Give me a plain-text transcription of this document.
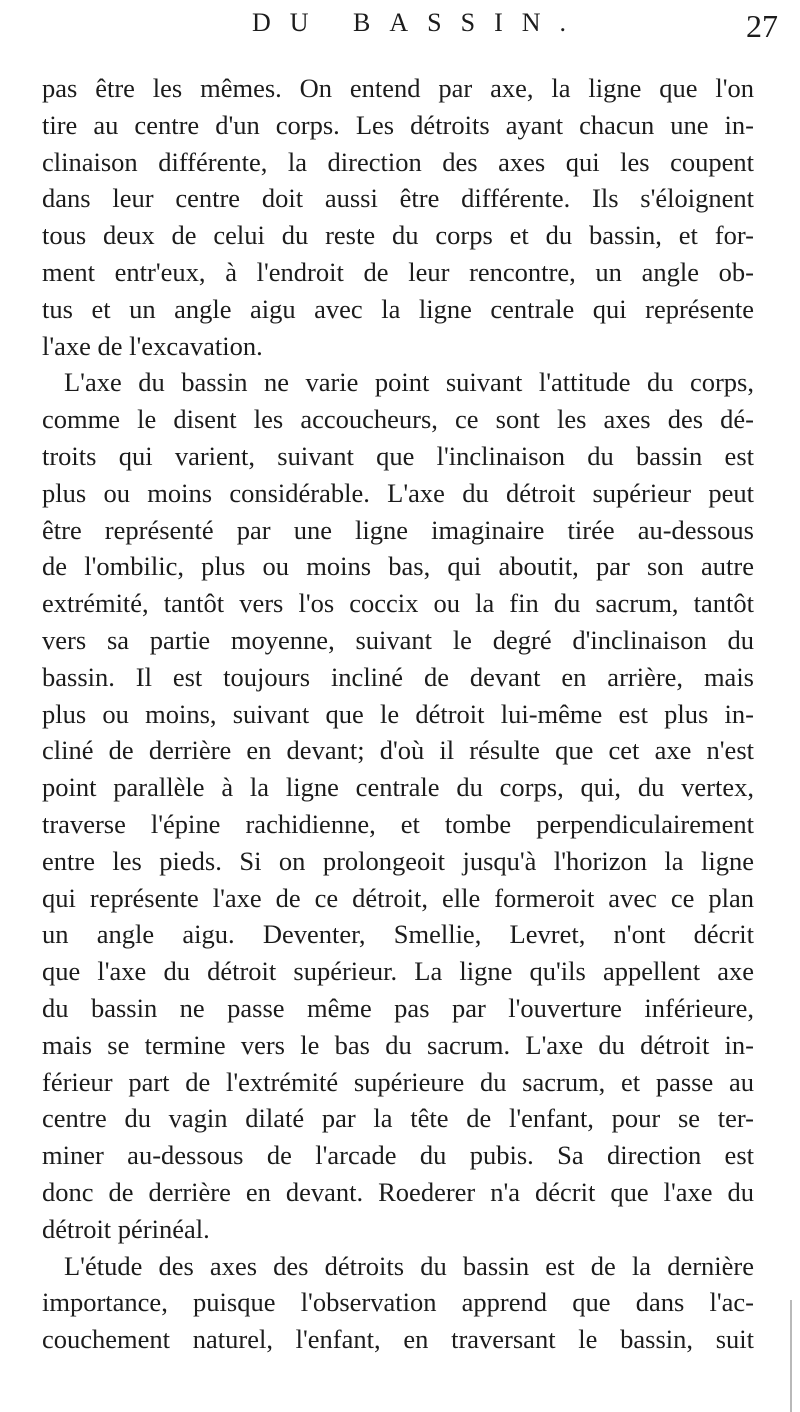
DU BASSIN.	27
pas être les mêmes. On entend par axe, la ligne que l'on
tire au centre d'un corps. Les détroits ayant chacun une in-
clinaison différente, la direction des axes qui les coupent
dans leur centre doit aussi être différente. Ils s'éloignent
tous deux de celui du reste du corps et du bassin, et for-
ment entr'eux, à l'endroit de leur rencontre, un angle ob-
tus et un angle aigu avec la ligne centrale qui représente
l'axe de l'excavation.
L'axe du bassin ne varie point suivant l'attitude du corps,
comme le disent les accoucheurs, ce sont les axes des dé-
troits qui varient, suivant que l'inclinaison du bassin est
plus ou moins considérable. L'axe du détroit supérieur peut
être représenté par une ligne imaginaire tirée au-dessous
de l'ombilic, plus ou moins bas, qui aboutit, par son autre
extrémité, tantôt vers l'os coccix ou la fin du sacrum, tantôt
vers sa partie moyenne, suivant le degré d'inclinaison du
bassin. Il est toujours incliné de devant en arrière, mais
plus ou moins, suivant que le détroit lui-même est plus in-
cliné de derrière en devant; d'où il résulte que cet axe n'est
point parallèle à la ligne centrale du corps, qui, du vertex,
traverse l'épine rachidienne, et tombe perpendiculairement
entre les pieds. Si on prolongeoit jusqu'à l'horizon la ligne
qui représente l'axe de ce détroit, elle formeroit avec ce plan
un angle aigu. Deventer, Smellie, Levret, n'ont décrit
que l'axe du détroit supérieur. La ligne qu'ils appellent axe
du bassin ne passe même pas par l'ouverture inférieure,
mais se termine vers le bas du sacrum. L'axe du détroit in-
férieur part de l'extrémité supérieure du sacrum, et passe au
centre du vagin dilaté par la tête de l'enfant, pour se ter-
miner au-dessous de l'arcade du pubis. Sa direction est
donc de derrière en devant. Roederer n'a décrit que l'axe du
détroit périnéal.
L'étude des axes des détroits du bassin est de la dernière
importance, puisque l'observation apprend que dans l'ac-
couchement naturel, l'enfant, en traversant le bassin, suit
